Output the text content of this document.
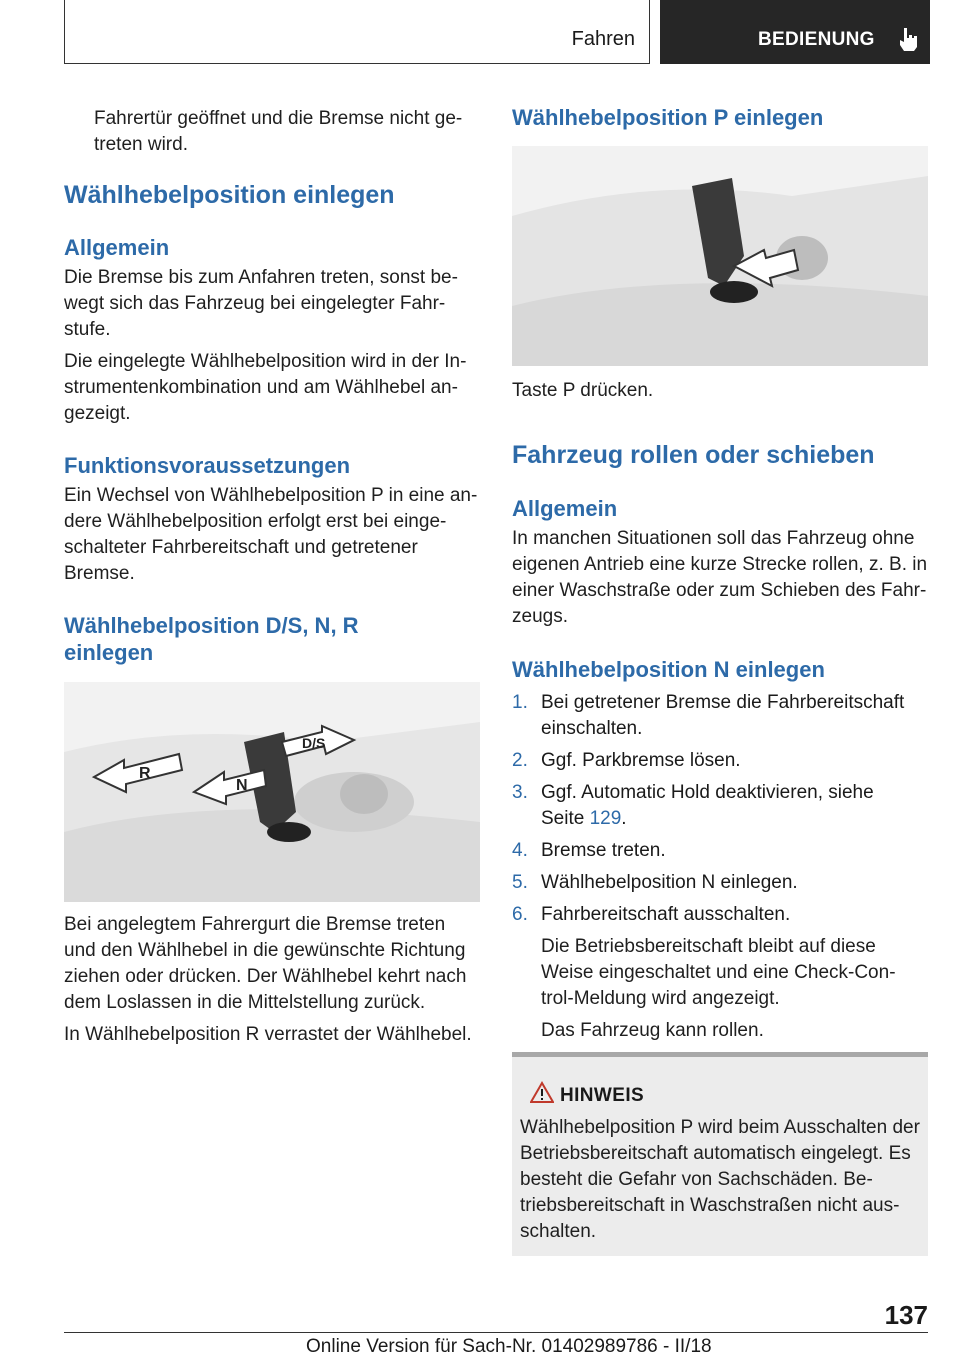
Fahren	BEDIENUNG

Fahrertür geöffnet und die Bremse nicht ge-treten wird.

Wählhebelposition einlegen
Allgemein

Die Bremse bis zum Anfahren treten, sonst be-wegt sich das Fahrzeug bei eingelegter Fahr-stufe.

Die eingelegte Wählhebelposition wird in der In-strumentenkombination und am Wählhebel an-gezeigt.

Funktionsvoraussetzungen

Ein Wechsel von Wählhebelposition P in eine an-dere Wählhebelposition erfolgt erst bei einge-schalteter Fahrbereitschaft und getretener Bremse.

Wählhebelposition D/S, N, R einlegen
R
N
D/S

Bei angelegtem Fahrergurt die Bremse treten und den Wählhebel in die gewünschte Richtung ziehen oder drücken. Der Wählhebel kehrt nach dem Loslassen in die Mittelstellung zurück.

In Wählhebelposition R verrastet der Wählhebel.

Wählhebelposition P einlegen

Taste P drücken.

Fahrzeug rollen oder schieben
Allgemein

In manchen Situationen soll das Fahrzeug ohne eigenen Antrieb eine kurze Strecke rollen, z. B. in einer Waschstraße oder zum Schieben des Fahr-zeugs.

Wählhebelposition N einlegen
1. Bei getretener Bremse die Fahrbereitschaft einschalten.
2. Ggf. Parkbremse lösen.
3. Ggf. Automatic Hold deaktivieren, siehe Seite 129.
4. Bremse treten.
5. Wählhebelposition N einlegen.
6. Fahrbereitschaft ausschalten.

Die Betriebsbereitschaft bleibt auf diese Weise eingeschaltet und eine Check-Con-trol-Meldung wird angezeigt.

Das Fahrzeug kann rollen.

HINWEIS

Wählhebelposition P wird beim Ausschalten der Betriebsbereitschaft automatisch eingelegt. Es besteht die Gefahr von Sachschäden. Be-triebsbereitschaft in Waschstraßen nicht aus-schalten.

137
Online Version für Sach-Nr. 01402989786 - II/18
